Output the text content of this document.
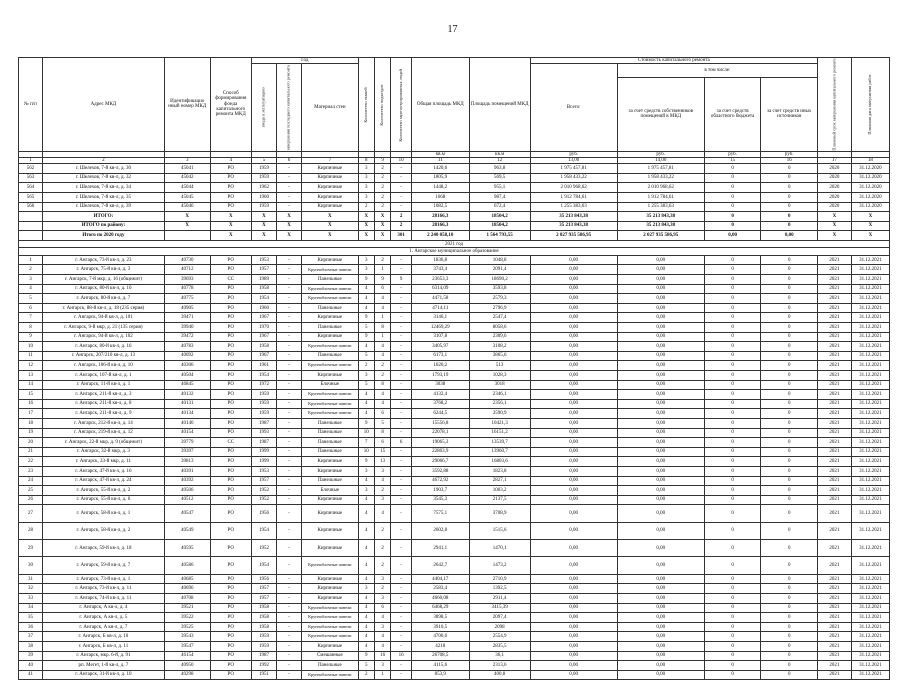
17
№ п/п	Адрес МКД	Идентификацио нный номер МКД	Способ формирования фонда капитального ремонта МКД	Год			Количество этажей	Количество подъездов	Количество зарегистрированных людей	Общая площадь МКД	Площадь помещений МКД	Стоимость капитального ремонта				Плановый срок завершения капитального ремонта	Плановая дата завершения работ
				ввода в эксплуатацию	завершения последнего капитального ремонта	Материал стен						Всего:	в том числе:				
													за счет средств собственников помещений в МКД	за счет средств областного бюджета	за счет средств иных источников		
										кв.м	кв.м	руб.	руб.	руб.	руб.		
1	2	3	4	5	6	7	8	9	10	11	12	13,00	14,00	15	16	17	18
562	г. Шелехов, 7-й кв-л, д. 30	45041	РО	1959	-	Кирпичные	3	2	-	1420,6	963,8	1 975 457,81	1 975 457,81	0	0	2020	31.12.2020
563	г. Шелехов, 7-й кв-л, д. 32	45042	РО	1959	-	Кирпичные	3	2	-	1805,9	569,5	1 958 433,22	1 958 433,22	0	0	2020	31.12.2020
564	г. Шелехов, 7-й кв-л, д. 34	45044	РО	1962	-	Кирпичные	3	2	-	1448,2	955,1	2 010 968,62	2 010 968,62	0	0	2020	31.12.2020
565	г. Шелехов, 7-й кв-л, д. 35	45045	РО	1960	-	Кирпичные	3	2	-	1668	987,4	1 912 784,61	1 912 784,61	0	0	2020	31.12.2020
566	г. Шелехов, 7-й кв-л, д. 39	45046	РО	1959	-	Кирпичные	2	2	-	1082,5	672,4	1 255 383,63	1 255 383,63	0	0	2020	31.12.2020
	ИТОГО:	X	X	X	X	X	X	X	2	28166,3	18504,2	35 213 843,38	35 213 843,38	0	0	X	X
	ИТОГО по району:	X	X	X	X	X	X	X	2	28166,3	18504,2	35 213 843,38	35 213 843,38	0	0	X	X
	Итого по 2020 году		X	X	X	X	X	X	301	2 240 058,10	1 564 793,55	2 027 935 586,95	2 027 935 586,95	0,00	0,00	X	X
2021 год																	
1. Ангарское муниципальное образование																	
1	г. Ангарск, 73-й кв-л, д. 23	40730	РО	1953	-	Кирпичные	3	2	-	1836,8	1048,8	0,00	0,00	0	0	2021	31.12.2021
2	г. Ангарск, 75-й кв-л, д. 3	40712	РО	1957	-	Крупноблочные панели	3	1	-	3743,4	2091,4	0,00	0,00	0	0	2021	31.12.2021
3	г. Ангарск, 7-й мкр, д. 16 (общежит)	39693	СС	1989	-	Панельные	9	9	9	23653,3	18690,2	0,00	0,00	0	0	2021	31.12.2021
4	г. Ангарск, 80-й кв-л, д. 10	40778	РО	1958	-	Крупноблочные панели	4	6	-	6314,09	3593,8	0,00	0,00	0	0	2021	31.12.2021
5	г. Ангарск, 80-й кв-л, д. 7	40775	РО	1954	-	Крупноблочные панели	4	4	-	4471,58	2579,3	0,00	0,00	0	0	2021	31.12.2021
6	г. Ангарск, 88-й кв-л, д. 18 (235 серия)	40905	РО	1960	-	Панельные	4	4	-	4714,11	2796,9	0,00	0,00	0	0	2021	31.12.2021
7	г. Ангарск, 94-й кв-л, д. 101	39471	РО	1967	-	Кирпичные	9	1	-	3146,1	2547,4	0,00	0,00	0	0	2021	31.12.2021
8	г. Ангарск, 9-й мкр, д. 21 (135 серия)	39940	РО	1970	-	Панельные	5	8	-	12469,29	8058,6	0,00	0,00	0	0	2021	31.12.2021
9	г. Ангарск, 94-й кв-л, д. 102	39472	РО	1967	-	Кирпичные	9	1	-	3107,8	2309,6	0,00	0,00	0	0	2021	31.12.2021
10	г. Ангарск, 80-й кв-л, д. 16	40783	РО	1958	-	Крупноблочные панели	4	4	-	3405,97	3108,2	0,00	0,00	0	0	2021	31.12.2021
11	г. Ангарск, 207/210 кв-л, д. 13	40092	РО	1967	-	Панельные	5	4	-	6173,1	3865,6	0,00	0,00	0	0	2021	31.12.2021
12	г. Ангарск, 106-й кв-л, д. 10	40306	РО	1961	-	Крупноблочные панели	2	2	-	1020,2	513	0,00	0,00	0	0	2021	31.12.2021
13	г. Ангарск, 107-й кв-л, д. 1	40504	РО	1954	-	Кирпичные	3	2	-	1793,19	1028,3	0,00	0,00	0	0	2021	31.12.2021
14	г. Ангарск, 11-й кв-л, д. 1	46845	РО	1972	-	Блочные	5	8	-	3038	3018	0,00	0,00	0	0	2021	31.12.2021
15	г. Ангарск, 211-й кв-л, д. 3	40132	РО	1959	-	Крупноблочные панели	4	4	-	4132,4	2346,1	0,00	0,00	0	0	2021	31.12.2021
16	г. Ангарск, 211-й кв-л, д. 8	40131	РО	1959	-	Крупноблочные панели	4	4	-	3768,2	2356,1	0,00	0,00	0	0	2021	31.12.2021
17	г. Ангарск, 211-й кв-л, д. 9	40134	РО	1959	-	Крупноблочные панели	4	6	-	6244,5	3590,9	0,00	0,00	0	0	2021	31.12.2021
18	г. Ангарск, 212-й кв-л, д. 14	40146	РО	1987	-	Панельные	9	5	-	15556,8	10421,3	0,00	0,00	0	0	2021	31.12.2021
19	г. Ангарск, 219-й кв-л, д. 12	40154	РО	1993	-	Панельные	10	8	-	22078,1	16151,2	0,00	0,00	0	0	2021	31.12.2021
20	г. Ангарск, 22-й мкр, д. 9 (общежит)	39779	СС	1987	-	Панельные	7	6	6	19065,3	13539,7	0,00	0,00	0	0	2021	31.12.2021
21	г. Ангарск, 32-й мкр, д. 3	39397	РО	1999	-	Панельные	10	15	-	22803,9	13960,7	0,00	0,00	0	0	2021	31.12.2021
22	г. Ангарск, 33-й мкр, д. 11	39813	РО	1999	-	Кирпичные	9	13	-	29066,7	16803,6	0,00	0,00	0	0	2021	31.12.2021
23	г. Ангарск, 47-й кв-л, д. 16	40391	РО	1953	-	Кирпичные	3	3	-	3592,88	1823,8	0,00	0,00	0	0	2021	31.12.2021
24	г. Ангарск, 47-й кв-л, д. 24	40392	РО	1957	-	Панельные	4	4	-	4672,92	2827,1	0,00	0,00	0	0	2021	31.12.2021
25	г. Ангарск, 55-й кв-л, д. 2	40506	РО	1952	-	Блочные	3	2	-	1903,7	1003,2	0,00	0,00	0	0	2021	31.12.2021
26	г. Ангарск, 55-й кв-л, д. 6	40512	РО	1952	-	Кирпичные	4	3	-	3545,3	2137,5	0,00	0,00	0	0	2021	31.12.2021
27	г. Ангарск, 58-й кв-л, д. 1	40547	РО	1956	-	Кирпичные	4	4	-	7575,1	3708,9	0,00	0,00	0	0	2021	31.12.2021
28	г. Ангарск, 58-й кв-л, д. 2	40549	РО	1954	-	Кирпичные	4	2	-	2602,8	1515,6	0,00	0,00	0	0	2021	31.12.2021
29	г. Ангарск, 59-й кв-л, д. 18	40595	РО	1952	-	Кирпичные	4	2	-	2941,1	1470,1	0,00	0,00	0	0	2021	31.12.2021
30	г. Ангарск, 59-й кв-л, д. 7	40586	РО	1954	-	Крупноблочные панели	4	2	-	2642,7	1473,2	0,00	0,00	0	0	2021	31.12.2021
31	г. Ангарск, 73-й кв-л, д. 1	40685	РО	1956	-	Кирпичные	4	3	-	4404,17	2710,9	0,00	0,00	0	0	2021	31.12.2021
32	г. Ангарск, 73-й кв-л, д. 11	40696	РО	1957	-	Кирпичные	3	2	-	2583,4	1392,5	0,00	0,00	0	0	2021	31.12.2021
33	г. Ангарск, 74-й кв-л, д. 11	40708	РО	1957	-	Кирпичные	4	3	-	4660,08	2911,4	0,00	0,00	0	0	2021	31.12.2021
34	г. Ангарск, А кв-л, д. 4	39521	РО	1958	-	Крупноблочные панели	4	6	-	6468,29	3415,39	0,00	0,00	0	0	2021	31.12.2021
35	г. Ангарск, А кв-л, д. 5	39522	РО	1958	-	Крупноблочные панели	4	4	-	3898,5	2097,4	0,00	0,00	0	0	2021	31.12.2021
36	г. Ангарск, А кв-л, д. 7	39525	РО	1958	-	Крупноблочные панели	4	3	-	3910,5	2098	0,00	0,00	0	0	2021	31.12.2021
37	г. Ангарск, Б кв-л, д. 10	39543	РО	1959	-	Крупноблочные панели	4	4	-	4700,6	2554,9	0,00	0,00	0	0	2021	31.12.2021
38	г. Ангарск, Б кв-л, д. 11	39547	РО	1959	-	Кирпичные	4	4	-	4218	2835,5	0,00	0,00	0	0	2021	31.12.2021
39	г. Ангарск, мкр. 6-й, д. 91	46154	РО	1987	-	Смешанные	9	16	16	26708,5	36,1	0,00	0,00	0	0	2021	31.12.2021
40	рп. Мегет, 1-й кв-л, д. 7	40950	РО	1992	-	Панельные	5	3	-	4115,6	2313,6	0,00	0,00	0	0	2021	31.12.2021
41	г. Ангарск, 31-й кв-л, д. 10	40298	РО	1951	-	Крупноблочные панели	2	1	-	853,9	400,8	0,00	0,00	0	0	2021	31.12.2021
